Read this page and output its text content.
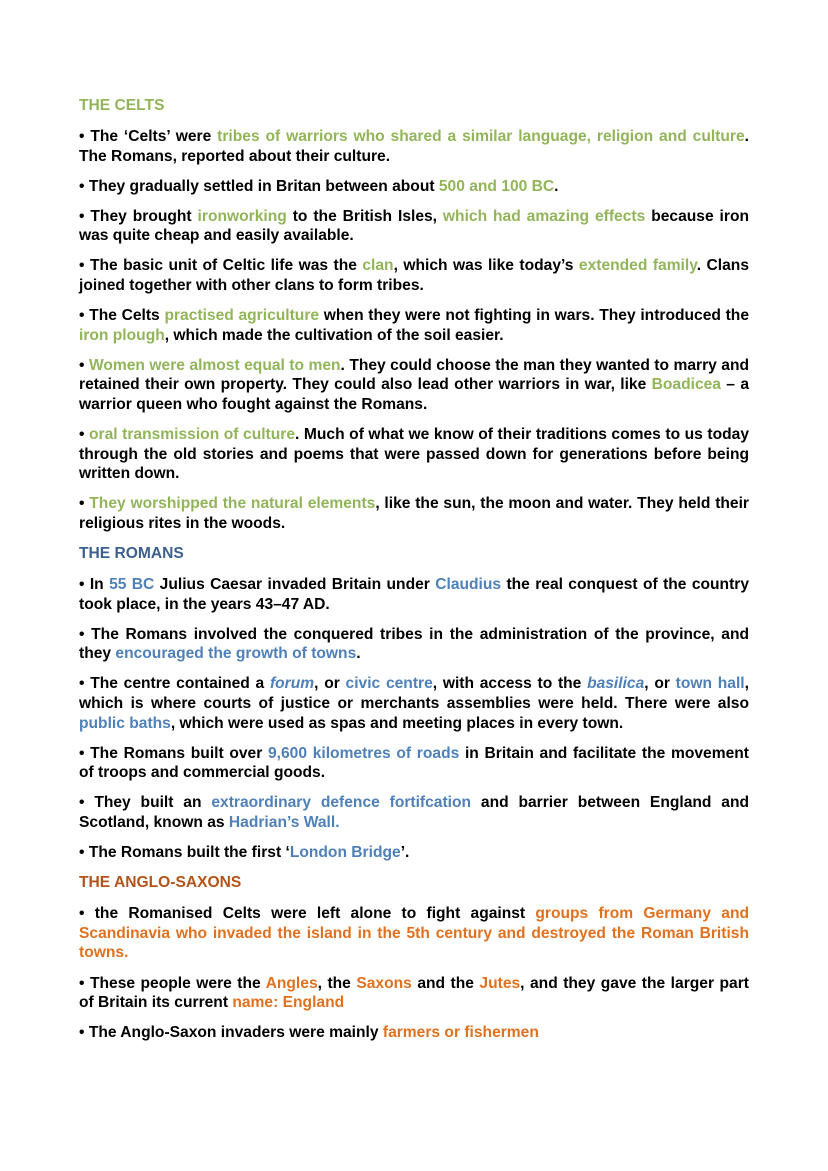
THE CELTS

• The ‘Celts’ were tribes of warriors who shared a similar language, religion and culture. The Romans, reported about their culture.

• They gradually settled in Britan between about 500 and 100 BC.

• They brought ironworking to the British Isles, which had amazing effects because iron was quite cheap and easily available.

• The basic unit of Celtic life was the clan, which was like today’s extended family. Clans joined together with other clans to form tribes.

• The Celts practised agriculture when they were not fighting in wars. They introduced the iron plough, which made the cultivation of the soil easier.

• Women were almost equal to men. They could choose the man they wanted to marry and retained their own property. They could also lead other warriors in war, like Boadicea – a warrior queen who fought against the Romans.

• oral transmission of culture. Much of what we know of their traditions comes to us today through the old stories and poems that were passed down for generations before being written down.

• They worshipped the natural elements, like the sun, the moon and water. They held their religious rites in the woods.

THE ROMANS

• In 55 BC Julius Caesar invaded Britain under Claudius the real conquest of the country took place, in the years 43–47 AD.

• The Romans involved the conquered tribes in the administration of the province, and they encouraged the growth of towns.

• The centre contained a forum, or civic centre, with access to the basilica, or town hall, which is where courts of justice or merchants assemblies were held. There were also public baths, which were used as spas and meeting places in every town.

• The Romans built over 9,600 kilometres of roads in Britain and facilitate the movement of troops and commercial goods.

• They built an extraordinary defence fortifcation and barrier between England and Scotland, known as Hadrian’s Wall.

• The Romans built the first ‘London Bridge’.

THE ANGLO-SAXONS

• the Romanised Celts were left alone to fight against groups from Germany and Scandinavia who invaded the island in the 5th century and destroyed the Roman British towns.

• These people were the Angles, the Saxons and the Jutes, and they gave the larger part of Britain its current name: England

• The Anglo-Saxon invaders were mainly farmers or fishermen
